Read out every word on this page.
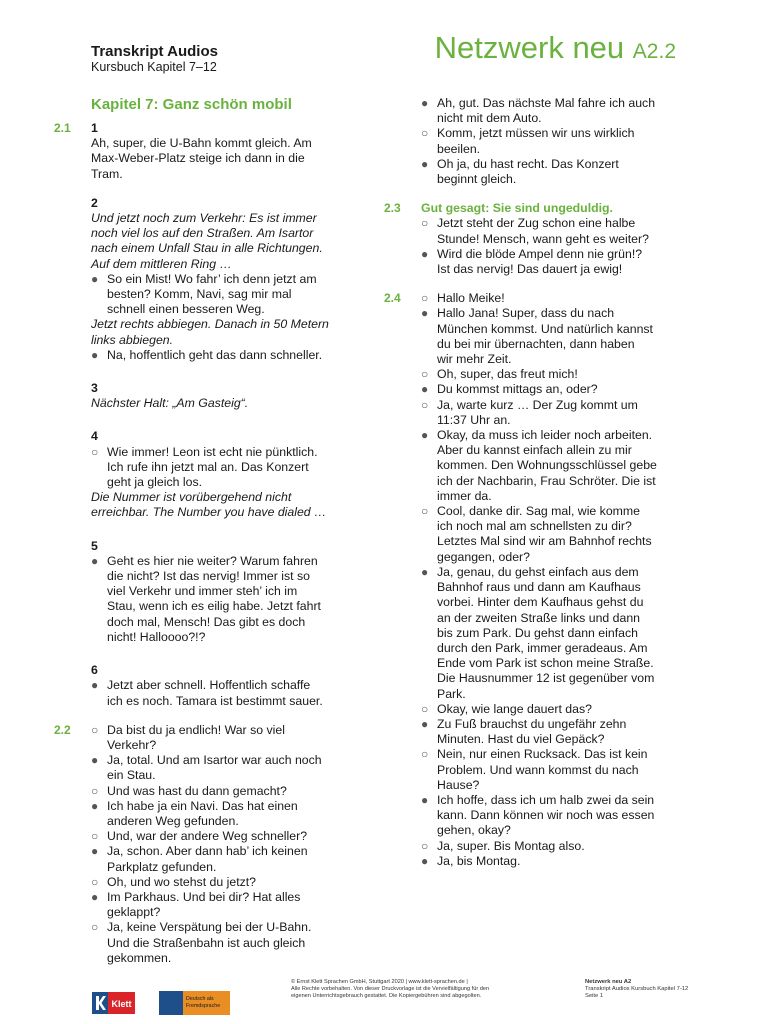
Transkript Audios
Kursbuch Kapitel 7–12
Netzwerk neu A2.2
Kapitel 7: Ganz schön mobil
2.1 1
Ah, super, die U-Bahn kommt gleich. Am
Max-Weber-Platz steige ich dann in die
Tram.
2
Und jetzt noch zum Verkehr: Es ist immer
noch viel los auf den Straßen. Am Isartor
nach einem Unfall Stau in alle Richtungen.
Auf dem mittleren Ring …
● So ein Mist! Wo fahr’ ich denn jetzt am
besten? Komm, Navi, sag mir mal
schnell einen besseren Weg.
Jetzt rechts abbiegen. Danach in 50 Metern
links abbiegen.
● Na, hoffentlich geht das dann schneller.
3
Nächster Halt: „Am Gasteig“.
4
○ Wie immer! Leon ist echt nie pünktlich.
Ich rufe ihn jetzt mal an. Das Konzert
geht ja gleich los.
Die Nummer ist vorübergehend nicht
erreichbar. The Number you have dialed …
5
● Geht es hier nie weiter? Warum fahren
die nicht? Ist das nervig! Immer ist so
viel Verkehr und immer steh’ ich im
Stau, wenn ich es eilig habe. Jetzt fahrt
doch mal, Mensch! Das gibt es doch
nicht! Halloooo?!?
6
● Jetzt aber schnell. Hoffentlich schaffe
ich es noch. Tamara ist bestimmt sauer.
2.2 ○ Da bist du ja endlich! War so viel
Verkehr?
● Ja, total. Und am Isartor war auch noch
ein Stau.
○ Und was hast du dann gemacht?
● Ich habe ja ein Navi. Das hat einen
anderen Weg gefunden.
○ Und, war der andere Weg schneller?
● Ja, schon. Aber dann hab’ ich keinen
Parkplatz gefunden.
○ Oh, und wo stehst du jetzt?
● Im Parkhaus. Und bei dir? Hat alles
geklappt?
○ Ja, keine Verspätung bei der U-Bahn.
Und die Straßenbahn ist auch gleich
gekommen.
● Ah, gut. Das nächste Mal fahre ich auch
nicht mit dem Auto.
○ Komm, jetzt müssen wir uns wirklich
beeilen.
● Oh ja, du hast recht. Das Konzert
beginnt gleich.
2.3 Gut gesagt: Sie sind ungeduldig.
○ Jetzt steht der Zug schon eine halbe
Stunde! Mensch, wann geht es weiter?
● Wird die blöde Ampel denn nie grün!?
Ist das nervig! Das dauert ja ewig!
2.4 ○ Hallo Meike!
● Hallo Jana! Super, dass du nach
München kommst. Und natürlich kannst
du bei mir übernachten, dann haben
wir mehr Zeit.
○ Oh, super, das freut mich!
● Du kommst mittags an, oder?
○ Ja, warte kurz … Der Zug kommt um
11:37 Uhr an.
● Okay, da muss ich leider noch arbeiten.
Aber du kannst einfach allein zu mir
kommen. Den Wohnungsschlüssel gebe
ich der Nachbarin, Frau Schröter. Die ist
immer da.
○ Cool, danke dir. Sag mal, wie komme
ich noch mal am schnellsten zu dir?
Letztes Mal sind wir am Bahnhof rechts
gegangen, oder?
● Ja, genau, du gehst einfach aus dem
Bahnhof raus und dann am Kaufhaus
vorbei. Hinter dem Kaufhaus gehst du
an der zweiten Straße links und dann
bis zum Park. Du gehst dann einfach
durch den Park, immer geradeaus. Am
Ende vom Park ist schon meine Straße.
Die Hausnummer 12 ist gegenüber vom
Park.
○ Okay, wie lange dauert das?
● Zu Fuß brauchst du ungefähr zehn
Minuten. Hast du viel Gepäck?
○ Nein, nur einen Rucksack. Das ist kein
Problem. Und wann kommst du nach
Hause?
● Ich hoffe, dass ich um halb zwei da sein
kann. Dann können wir noch was essen
gehen, okay?
○ Ja, super. Bis Montag also.
● Ja, bis Montag.
Klett	Deutsch als
Fremdsprache
© Ernst Klett Sprachen GmbH, Stuttgart 2020 | www.klett-sprachen.de |
Alle Rechte vorbehalten. Von dieser Druckvorlage ist die Vervielfältigung für den
eigenen Unterrichtsgebrauch gestattet. Die Kopiergebühren sind abgegolten.
Netzwerk neu A2
Transkript Audios Kursbuch Kapitel 7-12
Seite 1
